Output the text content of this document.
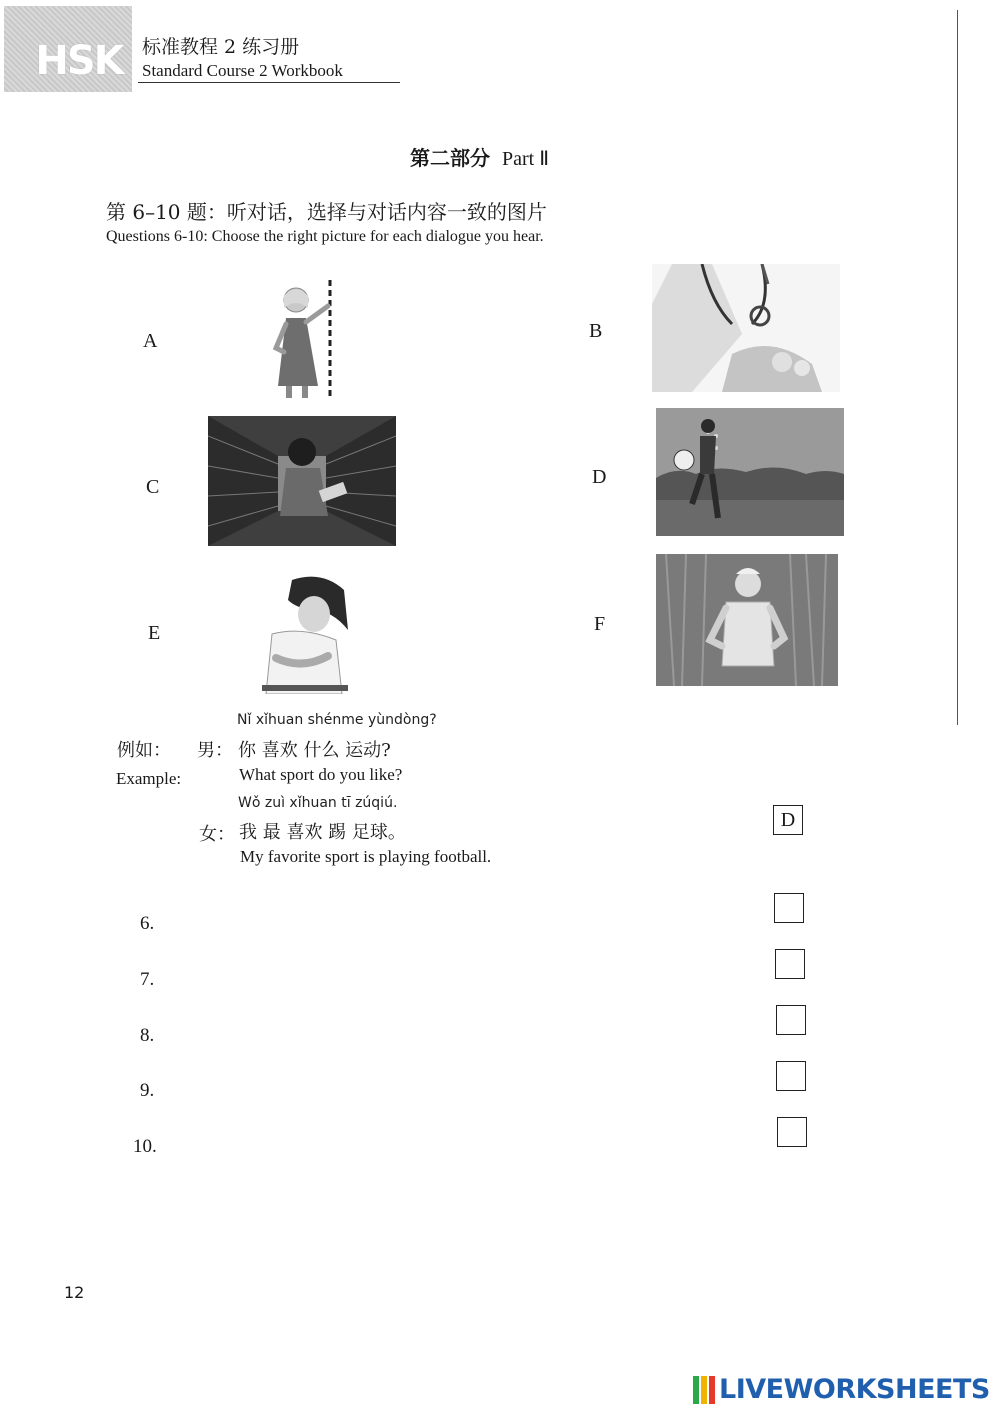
HSK 标准教程 2 练习册
Standard Course 2 Workbook
第二部分 Part Ⅱ
第 6–10 题：听对话，选择与对话内容一致的图片
Questions 6-10: Choose the right picture for each dialogue you hear.
A	B
C	D
E	F
Nǐ xǐhuan shénme yùndòng?
例如： 男： 你 喜欢 什么 运动?
Example:	What sport do you like?
Wǒ zuì xǐhuan tī zúqiú.
女： 我 最 喜欢 踢 足球。
My favorite sport is playing football.
D
6.
7.
8.
9.
10.
12
LIVEWORKSHEETS
